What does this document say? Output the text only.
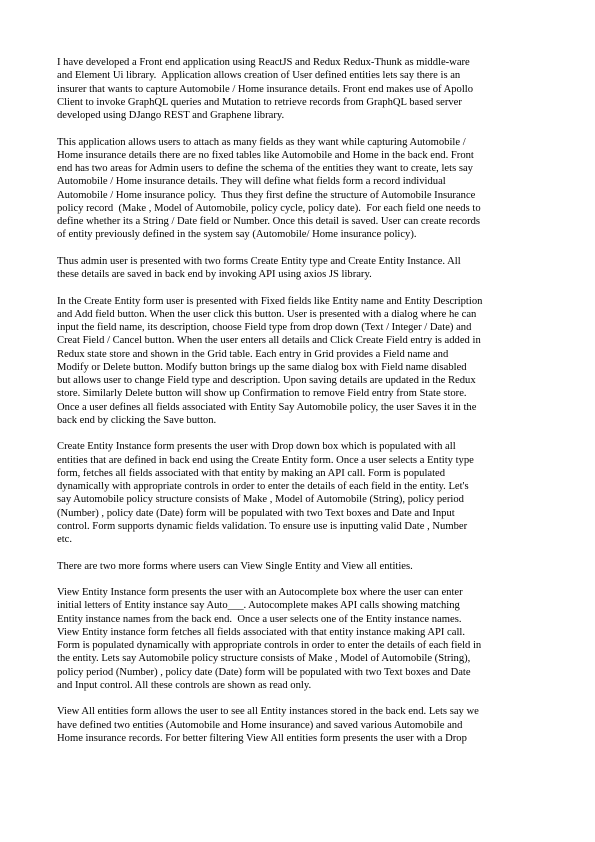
I have developed a Front end application using ReactJS and Redux Redux-Thunk as middle-ware
and Element Ui library.  Application allows creation of User defined entities lets say there is an
insurer that wants to capture Automobile / Home insurance details. Front end makes use of Apollo
Client to invoke GraphQL queries and Mutation to retrieve records from GraphQL based server
developed using DJango REST and Graphene library.
This application allows users to attach as many fields as they want while capturing Automobile /
Home insurance details there are no fixed tables like Automobile and Home in the back end. Front
end has two areas for Admin users to define the schema of the entities they want to create, lets say
Automobile / Home insurance details. They will define what fields form a record individual
Automobile / Home insurance policy.  Thus they first define the structure of Automobile Insurance
policy record  (Make , Model of Automobile, policy cycle, policy date).  For each field one needs to
define whether its a String / Date field or Number. Once this detail is saved. User can create records
of entity previously defined in the system say (Automobile/ Home insurance policy).
Thus admin user is presented with two forms Create Entity type and Create Entity Instance. All
these details are saved in back end by invoking API using axios JS library.
In the Create Entity form user is presented with Fixed fields like Entity name and Entity Description
and Add field button. When the user click this button. User is presented with a dialog where he can
input the field name, its description, choose Field type from drop down (Text / Integer / Date) and
Creat Field / Cancel button. When the user enters all details and Click Create Field entry is added in
Redux state store and shown in the Grid table. Each entry in Grid provides a Field name and
Modify or Delete button. Modify button brings up the same dialog box with Field name disabled
but allows user to change Field type and description. Upon saving details are updated in the Redux
store. Similarly Delete button will show up Confirmation to remove Field entry from State store.
Once a user defines all fields associated with Entity Say Automobile policy, the user Saves it in the
back end by clicking the Save button.
Create Entity Instance form presents the user with Drop down box which is populated with all
entities that are defined in back end using the Create Entity form. Once a user selects a Entity type
form, fetches all fields associated with that entity by making an API call. Form is populated
dynamically with appropriate controls in order to enter the details of each field in the entity. Let's
say Automobile policy structure consists of Make , Model of Automobile (String), policy period
(Number) , policy date (Date) form will be populated with two Text boxes and Date and Input
control. Form supports dynamic fields validation. To ensure use is inputting valid Date , Number
etc.
There are two more forms where users can View Single Entity and View all entities.
View Entity Instance form presents the user with an Autocomplete box where the user can enter
initial letters of Entity instance say Auto___. Autocomplete makes API calls showing matching
Entity instance names from the back end.  Once a user selects one of the Entity instance names.
View Entity instance form fetches all fields associated with that entity instance making API call.
Form is populated dynamically with appropriate controls in order to enter the details of each field in
the entity. Lets say Automobile policy structure consists of Make , Model of Automobile (String),
policy period (Number) , policy date (Date) form will be populated with two Text boxes and Date
and Input control. All these controls are shown as read only.
View All entities form allows the user to see all Entity instances stored in the back end. Lets say we
have defined two entities (Automobile and Home insurance) and saved various Automobile and
Home insurance records. For better filtering View All entities form presents the user with a Drop
